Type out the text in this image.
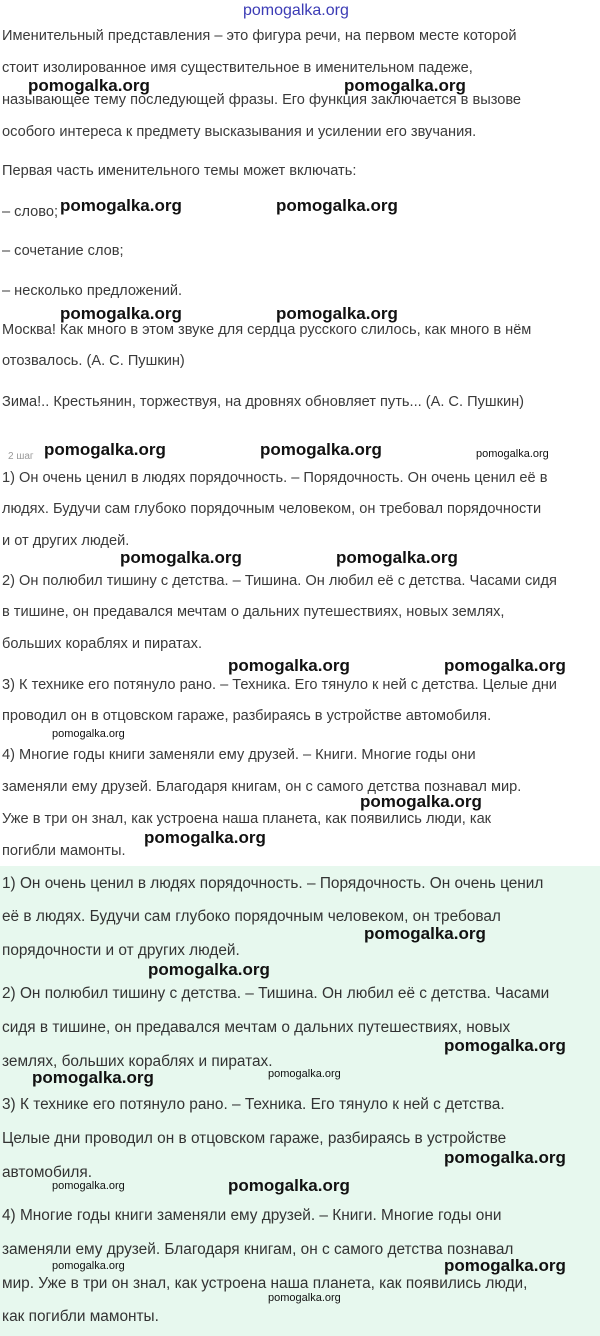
pomogalka.org
Именительный представления – это фигура речи, на первом месте которой
стоит изолированное имя существительное в именительном падеже,
называющее тему последующей фразы. Его функция заключается в вызове
особого интереса к предмету высказывания и усилении его звучания.
Первая часть именительного темы может включать:
– слово;
– сочетание слов;
– несколько предложений.
Москва! Как много в этом звуке для сердца русского слилось, как много в нём
отозвалось. (А. С. Пушкин)
Зима!.. Крестьянин, торжествуя, на дровнях обновляет путь... (А. С. Пушкин)
2 шаг
1) Он очень ценил в людях порядочность. – Порядочность. Он очень ценил её в
людях. Будучи сам глубоко порядочным человеком, он требовал порядочности
и от других людей.
2) Он полюбил тишину с детства. – Тишина. Он любил её с детства. Часами сидя
в тишине, он предавался мечтам о дальних путешествиях, новых землях,
больших кораблях и пиратах.
3) К технике его потянуло рано. – Техника. Его тянуло к ней с детства. Целые дни
проводил он в отцовском гараже, разбираясь в устройстве автомобиля.
4) Многие годы книги заменяли ему друзей. – Книги. Многие годы они
заменяли ему друзей. Благодаря книгам, он с самого детства познавал мир.
Уже в три он знал, как устроена наша планета, как появились люди, как
погибли мамонты.
1) Он очень ценил в людях порядочность. – Порядочность. Он очень ценил
её в людях. Будучи сам глубоко порядочным человеком, он требовал
порядочности и от других людей.
2) Он полюбил тишину с детства. – Тишина. Он любил её с детства. Часами
сидя в тишине, он предавался мечтам о дальних путешествиях, новых
землях, больших кораблях и пиратах.
3) К технике его потянуло рано. – Техника. Его тянуло к ней с детства.
Целые дни проводил он в отцовском гараже, разбираясь в устройстве
автомобиля.
4) Многие годы книги заменяли ему друзей. – Книги. Многие годы они
заменяли ему друзей. Благодаря книгам, он с самого детства познавал
мир. Уже в три он знал, как устроена наша планета, как появились люди,
как погибли мамонты.
pomogalka.org	pomogalka.org
pomogalka.org	pomogalka.org
pomogalka.org	pomogalka.org
pomogalka.org	pomogalka.org	pomogalka.org
pomogalka.org	pomogalka.org
pomogalka.org	pomogalka.org
pomogalka.org
pomogalka.org
pomogalka.org
pomogalka.org
pomogalka.org
pomogalka.org
pomogalka.org	pomogalka.org
pomogalka.org
pomogalka.org	pomogalka.org
pomogalka.org	pomogalka.org
pomogalka.org
